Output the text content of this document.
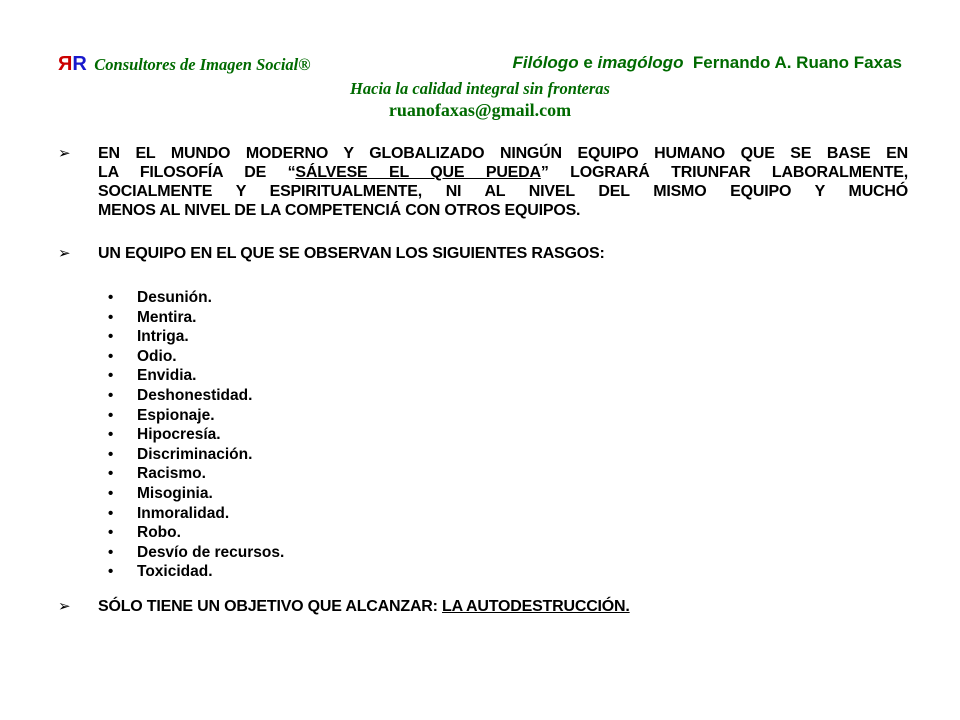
ЯR Consultores de Imagen Social®	Filólogo e imagólogo Fernando A. Ruano Faxas
Hacia la calidad integral sin fronteras
ruanofaxas@gmail.com
➢ EN EL MUNDO MODERNO Y GLOBALIZADO NINGÚN EQUIPO HUMANO QUE SE BASE EN
LA FILOSOFÍA DE “SÁLVESE EL QUE PUEDA” LOGRARÁ TRIUNFAR LABORALMENTE,
SOCIALMENTE Y ESPIRITUALMENTE, NI AL NIVEL DEL MISMO EQUIPO Y MUCHÓ
MENOS AL NIVEL DE LA COMPETENCIÁ CON OTROS EQUIPOS.
➢ UN EQUIPO EN EL QUE SE OBSERVAN LOS SIGUIENTES RASGOS:
• Desunión.
• Mentira.
• Intriga.
• Odio.
• Envidia.
• Deshonestidad.
• Espionaje.
• Hipocresía.
• Discriminación.
• Racismo.
• Misoginia.
• Inmoralidad.
• Robo.
• Desvío de recursos.
• Toxicidad.
➢ SÓLO TIENE UN OBJETIVO QUE ALCANZAR: LA AUTODESTRUCCIÓN.
